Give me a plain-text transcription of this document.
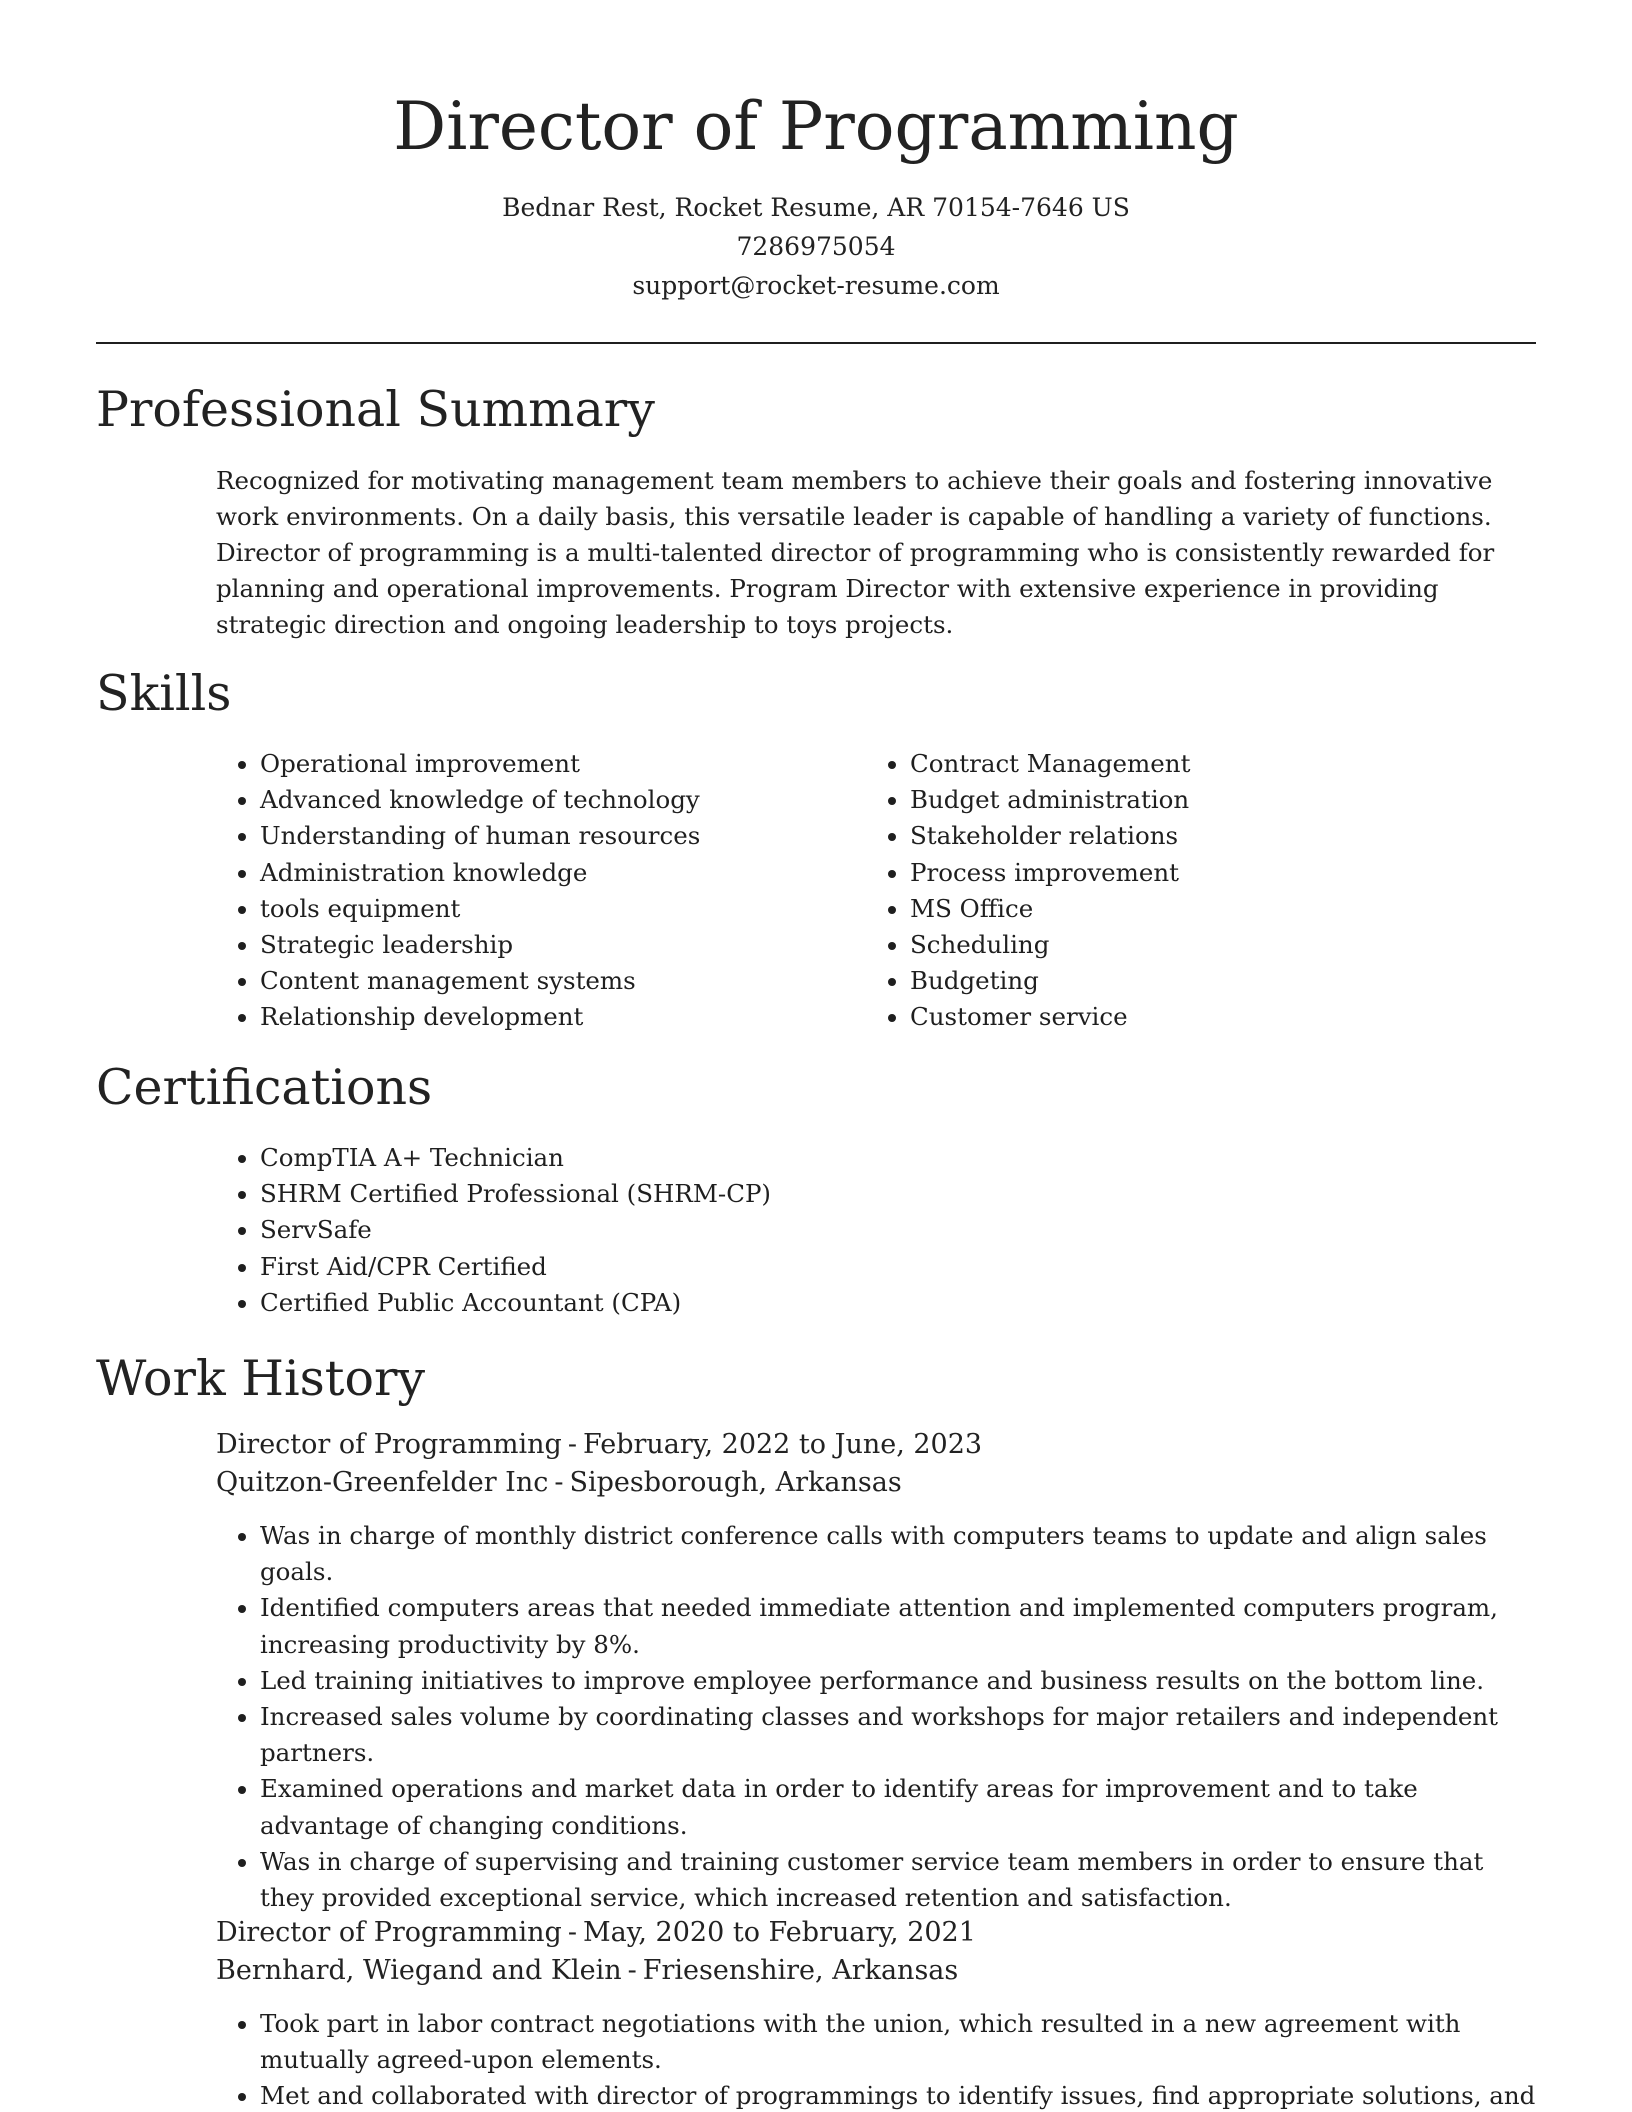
Director of Programming
Bednar Rest, Rocket Resume, AR 70154-7646 US
7286975054
support@rocket-resume.com
Professional Summary

Recognized for motivating management team members to achieve their goals and fostering innovative work environments. On a daily basis, this versatile leader is capable of handling a variety of functions. Director of programming is a multi-talented director of programming who is consistently rewarded for planning and operational improvements. Program Director with extensive experience in providing strategic direction and ongoing leadership to toys projects.

Skills
• Operational improvement
• Advanced knowledge of technology
• Understanding of human resources
• Administration knowledge
• tools equipment
• Strategic leadership
• Content management systems
• Relationship development
• Contract Management
• Budget administration
• Stakeholder relations
• Process improvement
• MS Office
• Scheduling
• Budgeting
• Customer service
Certifications
• CompTIA A+ Technician
• SHRM Certified Professional (SHRM-CP)
• ServSafe
• First Aid/CPR Certified
• Certified Public Accountant (CPA)
Work History
Director of Programming - February, 2022 to June, 2023
Quitzon-Greenfelder Inc - Sipesborough, Arkansas
• Was in charge of monthly district conference calls with computers teams to update and align sales goals.
• Identified computers areas that needed immediate attention and implemented computers program, increasing productivity by 8%.
• Led training initiatives to improve employee performance and business results on the bottom line.
• Increased sales volume by coordinating classes and workshops for major retailers and independent partners.
• Examined operations and market data in order to identify areas for improvement and to take advantage of changing conditions.
• Was in charge of supervising and training customer service team members in order to ensure that they provided exceptional service, which increased retention and satisfaction.
Director of Programming - May, 2020 to February, 2021
Bernhard, Wiegand and Klein - Friesenshire, Arkansas
• Took part in labor contract negotiations with the union, which resulted in a new agreement with mutually agreed-upon elements.
• Met and collaborated with director of programmings to identify issues, find appropriate solutions, and
